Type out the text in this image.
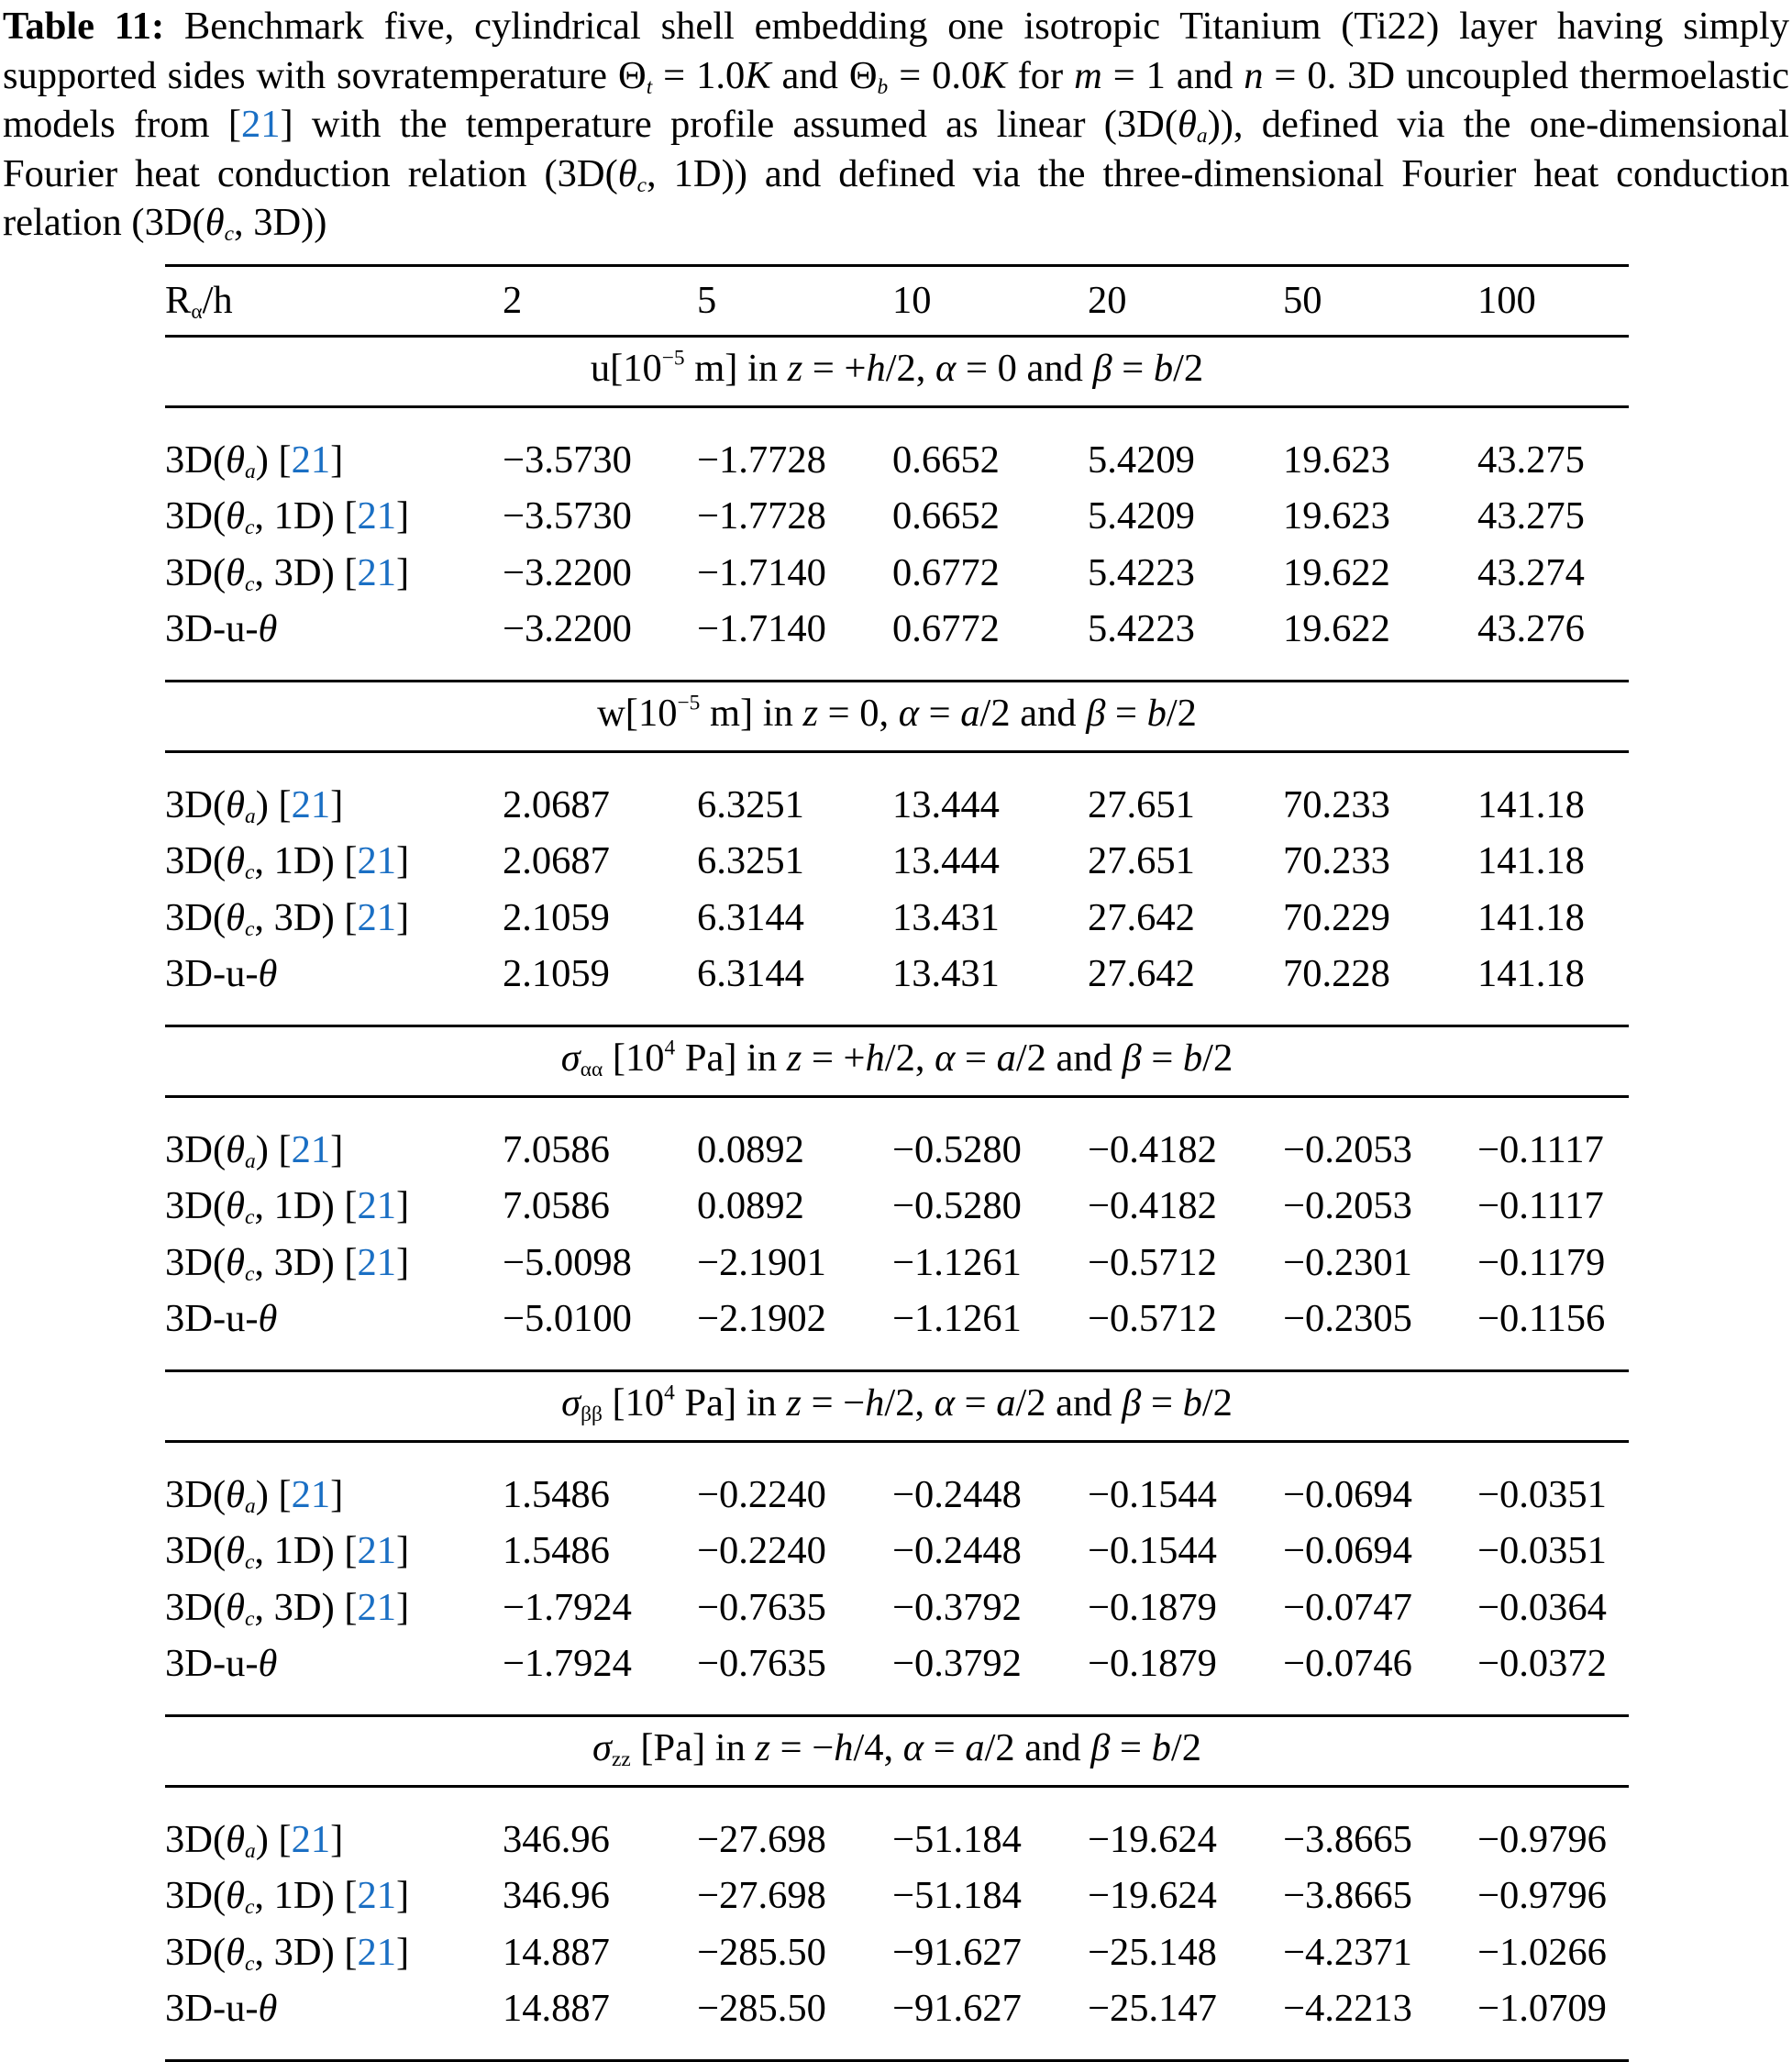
Table 11: Benchmark five, cylindrical shell embedding one isotropic Titanium (Ti22) layer having simply supported sides with sovratemperature $\Theta_t = 1.0K$ and $\Theta_b = 0.0K$ for m = 1 and n = 0. 3D uncoupled thermoelastic models from [21] with the temperature profile assumed as linear $(3D(\theta_a))$, defined via the one-dimensional Fourier heat conduction relation ($3D(\theta_c$, 1D)) and defined via the three-dimensional Fourier heat conduction relation ($3D(\theta_c$, 3D))
$R_\alpha/h$	2	5	10	20	50	100
$u[10^{-5}$ m] in z = +h/2, α = 0 and β = b/2
$3D(\theta_a)$ [21]	−3.5730 −1.7728 0.6652 5.4209 19.623 43.275
$3D(\theta_c$, 1D) [21] −3.5730 −1.7728 0.6652 5.4209 19.623 43.275
$3D(\theta_c$, 3D) [21] −3.2200 −1.7140 0.6772 5.4223 19.622 43.274
3D-u-θ	−3.2200 −1.7140 0.6772 5.4223 19.622 43.276
$w[10^{-5}$ m] in z = 0, α = a/2 and β = b/2
$3D(\theta_a)$ [21]	2.0687 6.3251 13.444 27.651 70.233 141.18
$3D(\theta_c$, 1D) [21] 2.0687 6.3251 13.444 27.651 70.233 141.18
$3D(\theta_c$, 3D) [21] 2.1059 6.3144 13.431 27.642 70.229 141.18
3D-u-θ	2.1059 6.3144 13.431 27.642 70.228 141.18
$\sigma_{\alpha\alpha}$ [$10^4$ Pa] in z = +h/2, α = a/2 and β = b/2
$3D(\theta_a)$ [21]	7.0586 0.0892 −0.5280 −0.4182 −0.2053 −0.1117
$3D(\theta_c$, 1D) [21] 7.0586 0.0892 −0.5280 −0.4182 −0.2053 −0.1117
$3D(\theta_c$, 3D) [21] −5.0098 −2.1901 −1.1261 −0.5712 −0.2301 −0.1179
3D-u-θ	−5.0100 −2.1902 −1.1261 −0.5712 −0.2305 −0.1156
$\sigma_{\beta\beta}$ [$10^4$ Pa] in z = −h/2, α = a/2 and β = b/2
$3D(\theta_a)$ [21]	1.5486 −0.2240 −0.2448 −0.1544 −0.0694 −0.0351
$3D(\theta_c$, 1D) [21] 1.5486 −0.2240 −0.2448 −0.1544 −0.0694 −0.0351
$3D(\theta_c$, 3D) [21] −1.7924 −0.7635 −0.3792 −0.1879 −0.0747 −0.0364
3D-u-θ	−1.7924 −0.7635 −0.3792 −0.1879 −0.0746 −0.0372
$\sigma_{zz}$ [Pa] in z = −h/4, α = a/2 and β = b/2
$3D(\theta_a)$ [21]	346.96 −27.698 −51.184 −19.624 −3.8665 −0.9796
$3D(\theta_c$, 1D) [21] 346.96 −27.698 −51.184 −19.624 −3.8665 −0.9796
$3D(\theta_c$, 3D) [21] 14.887 −285.50 −91.627 −25.148 −4.2371 −1.0266
3D-u-θ	14.887 −285.50 −91.627 −25.147 −4.2213 −1.0709
